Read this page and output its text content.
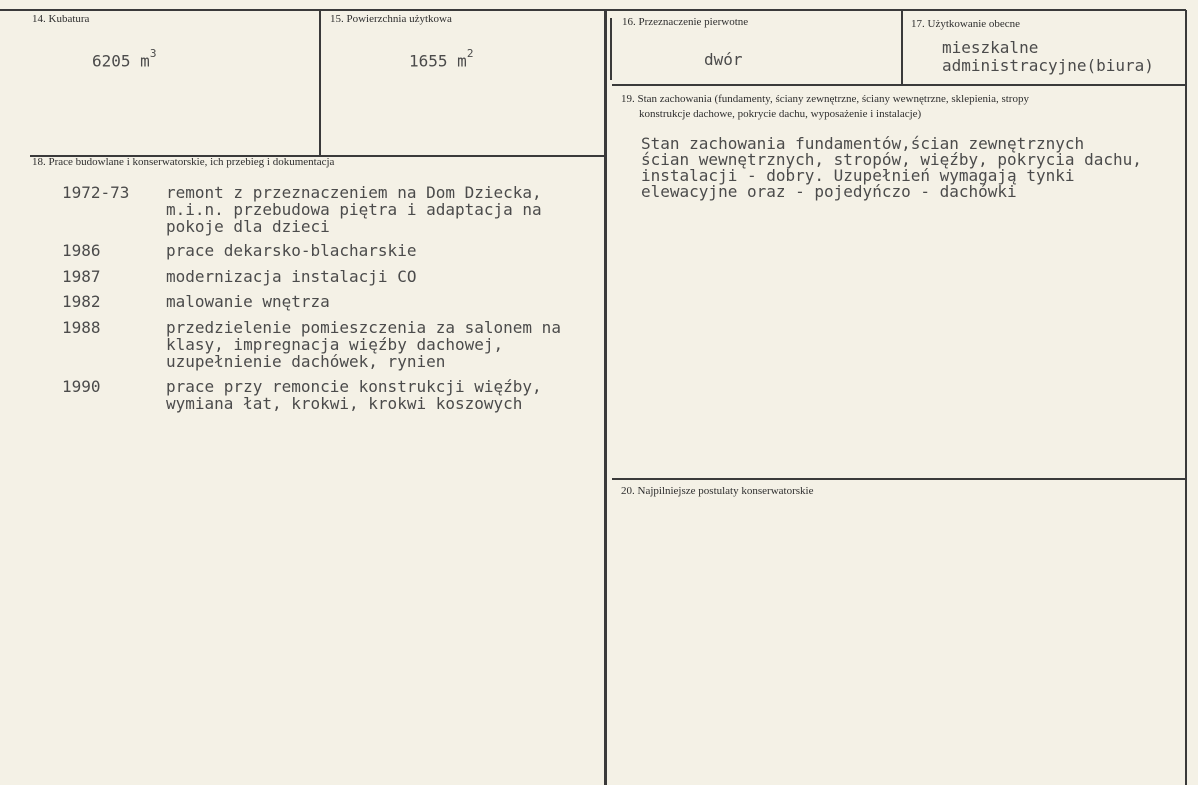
14. Kubatura
6205 $m^3$
15. Powierzchnia użytkowa
1655 $m^2$
16. Przeznaczenie pierwotne
dwór
17. Użytkowanie obecne
mieszkalne
administracyjne(biura)
19. Stan zachowania (fundamenty, ściany zewnętrzne, ściany wewnętrzne, sklepienia, stropy
konstrukcje dachowe, pokrycie dachu, wyposażenie i instalacje)
Stan zachowania fundamentów,ścian zewnętrznych
ścian wewnętrznych, stropów, więźby, pokrycia dachu,
instalacji - dobry. Uzupełnień wymagają tynki
elewacyjne oraz - pojedyńczo - dachówki
18. Prace budowlane i konserwatorskie, ich przebieg i dokumentacja
1972-73 remont z przeznaczeniem na Dom Dziecka,
m.i.n. przebudowa piętra i adaptacja na
pokoje dla dzieci
1986	prace dekarsko-blacharskie
1987	modernizacja instalacji CO
1982	malowanie wnętrza
1988	przedzielenie pomieszczenia za salonem na
klasy, impregnacja więźby dachowej,
uzupełnienie dachówek, rynien
1990	prace przy remoncie konstrukcji więźby,
wymiana łat, krokwi, krokwi koszowych
20. Najpilniejsze postulaty konserwatorskie
